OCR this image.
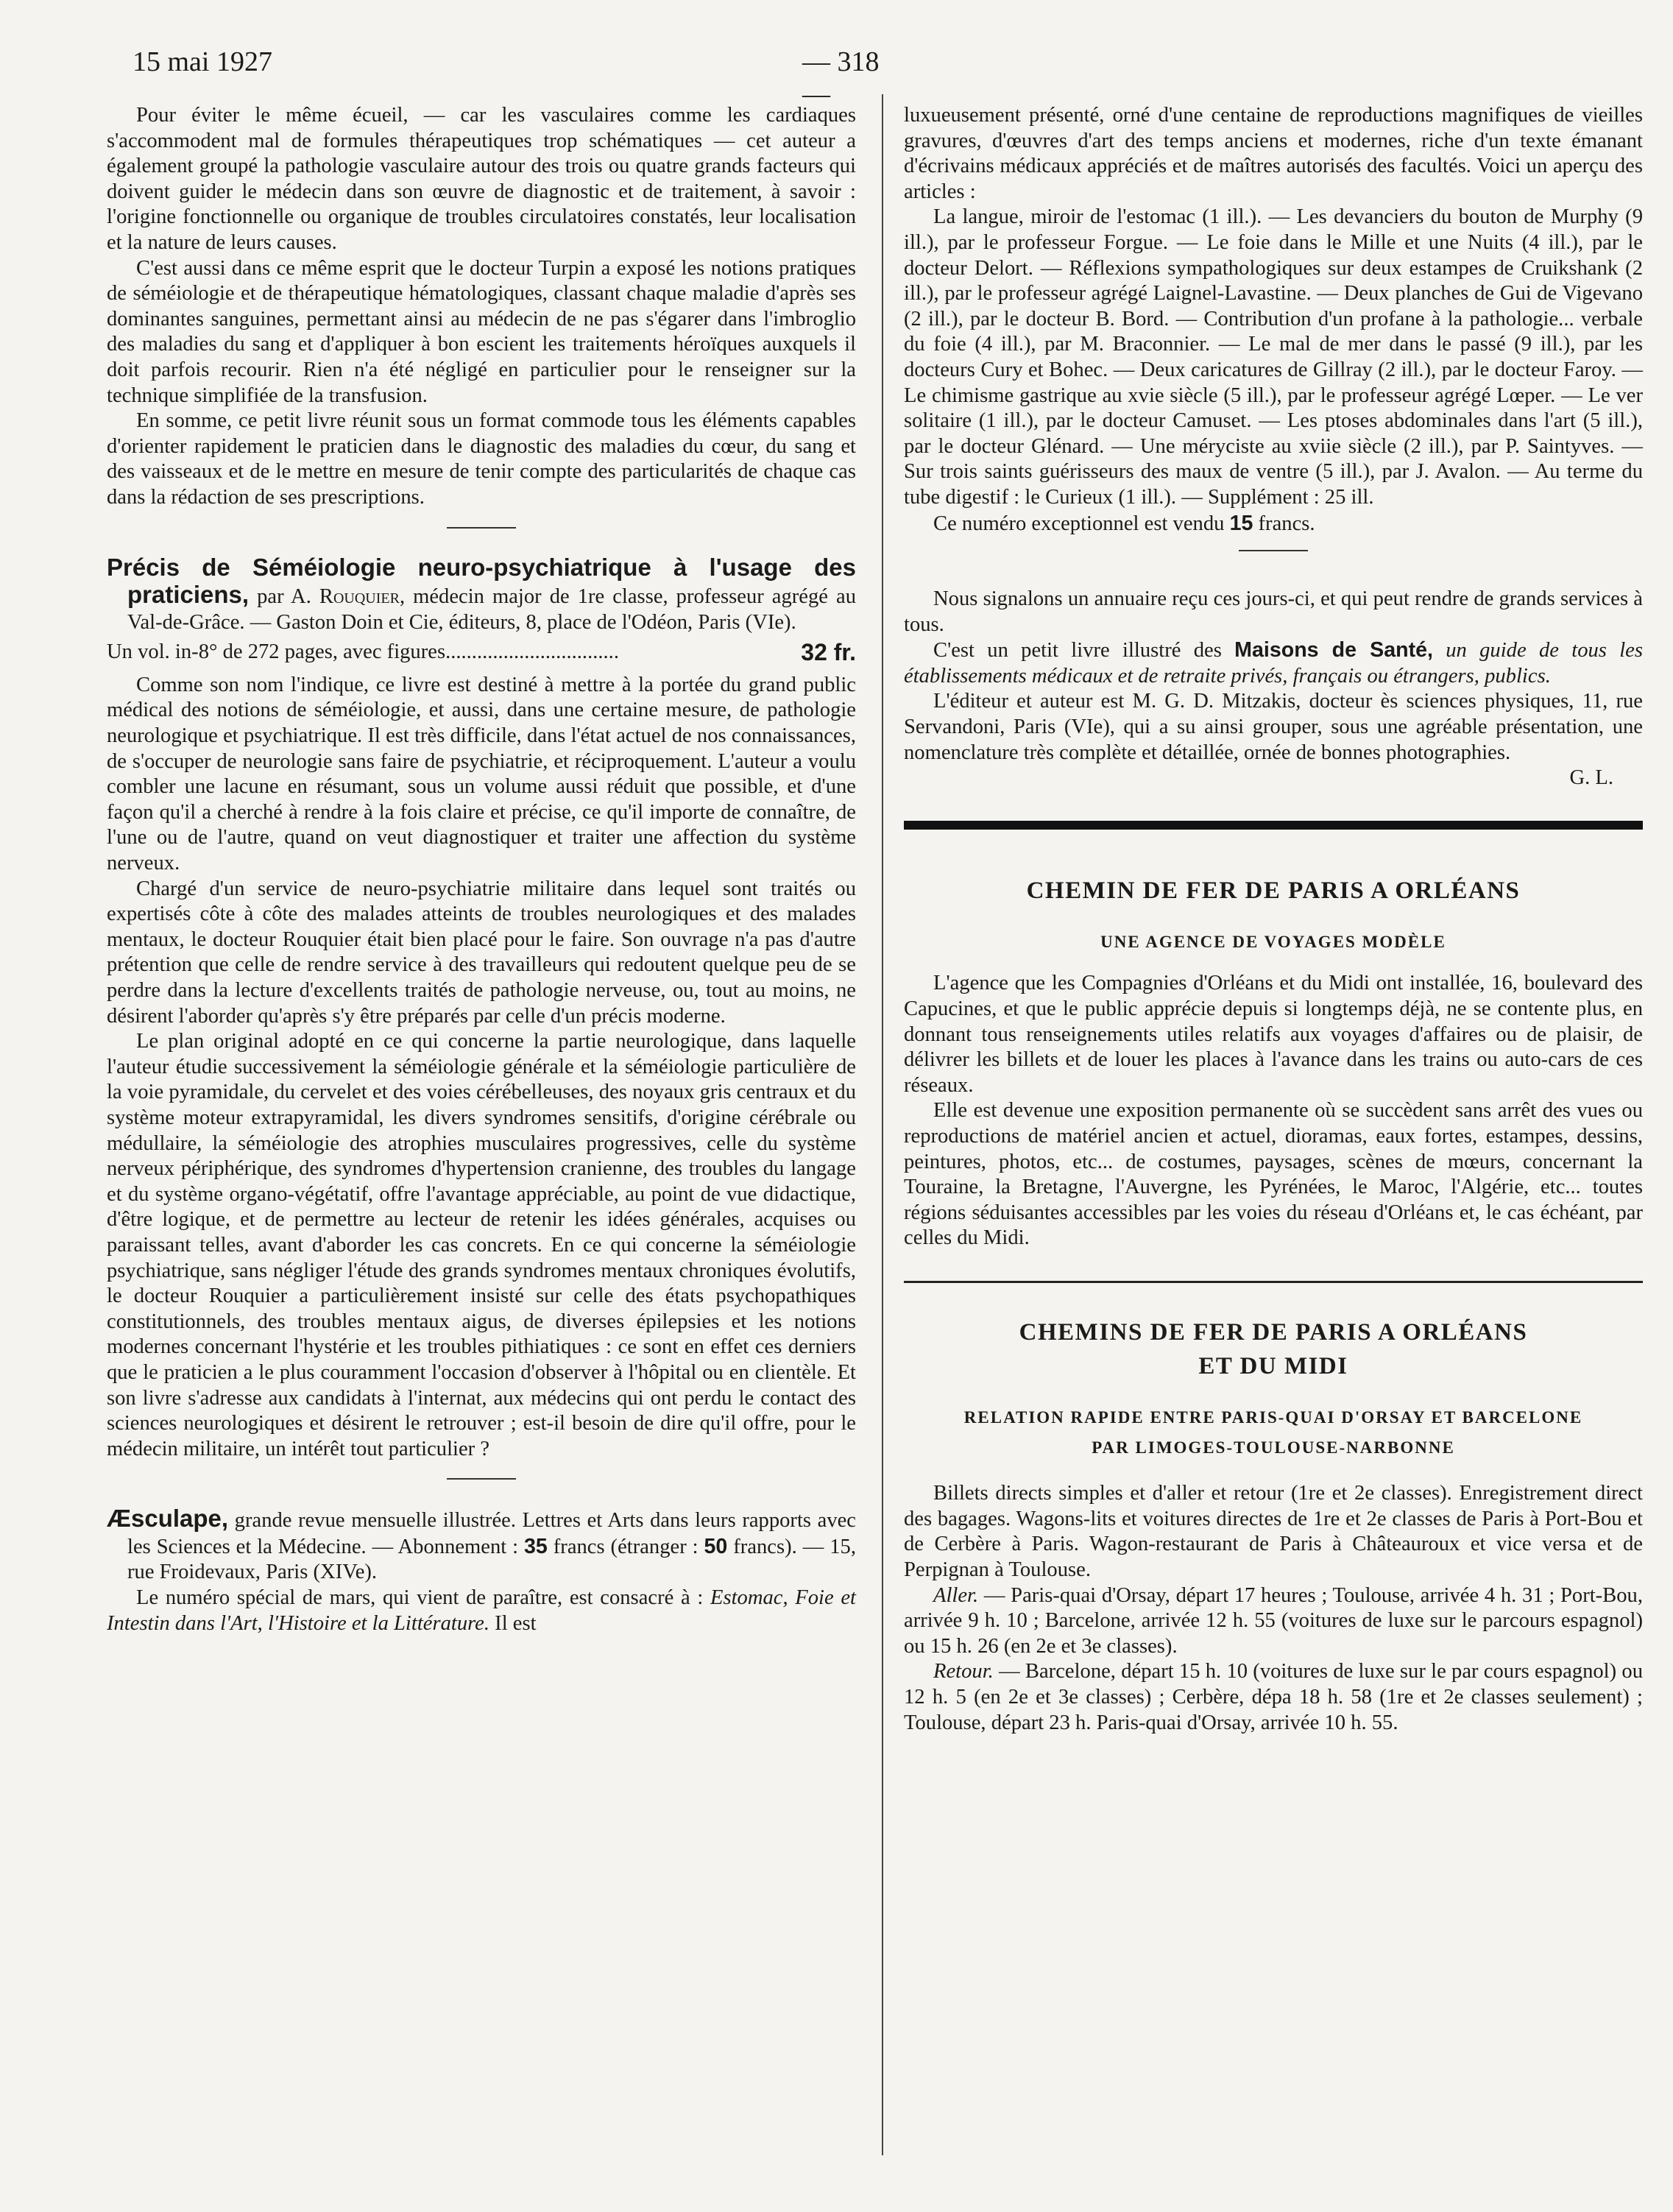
15 mai 1927	— 318 —

Pour éviter le même écueil, — car les vasculaires comme les cardiaques s'accommodent mal de formules thérapeutiques trop schématiques — cet auteur a également groupé la pathologie vasculaire autour des trois ou quatre grands facteurs qui doivent guider le médecin dans son œuvre de diagnostic et de traitement, à savoir : l'origine fonctionnelle ou organique de troubles circulatoires constatés, leur localisation et la nature de leurs causes.

C'est aussi dans ce même esprit que le docteur Turpin a exposé les notions pratiques de séméiologie et de thérapeutique hématologiques, classant chaque maladie d'après ses dominantes sanguines, permettant ainsi au médecin de ne pas s'égarer dans l'imbroglio des maladies du sang et d'appliquer à bon escient les traitements héroïques auxquels il doit parfois recourir. Rien n'a été négligé en particulier pour le renseigner sur la technique simplifiée de la transfusion.

En somme, ce petit livre réunit sous un format commode tous les éléments capables d'orienter rapidement le praticien dans le diagnostic des maladies du cœur, du sang et des vaisseaux et de le mettre en mesure de tenir compte des particularités de chaque cas dans la rédaction de ses prescriptions.

Précis de Séméiologie neuro-psychiatrique à l'usage des praticiens, par A. Rouquier, médecin major de 1re classe, professeur agrégé au Val-de-Grâce. — Gaston Doin et Cie, éditeurs, 8, place de l'Odéon, Paris (VIe).

Un vol. in-8° de 272 pages, avec figures.................................	32 fr.

Comme son nom l'indique, ce livre est destiné à mettre à la portée du grand public médical des notions de séméiologie, et aussi, dans une certaine mesure, de pathologie neurologique et psychiatrique. Il est très difficile, dans l'état actuel de nos connaissances, de s'occuper de neurologie sans faire de psychiatrie, et réciproquement. L'auteur a voulu combler une lacune en résumant, sous un volume aussi réduit que possible, et d'une façon qu'il a cherché à rendre à la fois claire et précise, ce qu'il importe de connaître, de l'une ou de l'autre, quand on veut diagnostiquer et traiter une affection du système nerveux.

Chargé d'un service de neuro-psychiatrie militaire dans lequel sont traités ou expertisés côte à côte des malades atteints de troubles neurologiques et des malades mentaux, le docteur Rouquier était bien placé pour le faire. Son ouvrage n'a pas d'autre prétention que celle de rendre service à des travailleurs qui redoutent quelque peu de se perdre dans la lecture d'excellents traités de pathologie nerveuse, ou, tout au moins, ne désirent l'aborder qu'après s'y être préparés par celle d'un précis moderne.

Le plan original adopté en ce qui concerne la partie neurologique, dans laquelle l'auteur étudie successivement la séméiologie générale et la séméiologie particulière de la voie pyramidale, du cervelet et des voies cérébelleuses, des noyaux gris centraux et du système moteur extrapyramidal, les divers syndromes sensitifs, d'origine cérébrale ou médullaire, la séméiologie des atrophies musculaires progressives, celle du système nerveux périphérique, des syndromes d'hypertension cranienne, des troubles du langage et du système organo-végétatif, offre l'avantage appréciable, au point de vue didactique, d'être logique, et de permettre au lecteur de retenir les idées générales, acquises ou paraissant telles, avant d'aborder les cas concrets. En ce qui concerne la séméiologie psychiatrique, sans négliger l'étude des grands syndromes mentaux chroniques évolutifs, le docteur Rouquier a particulièrement insisté sur celle des états psychopathiques constitutionnels, des troubles mentaux aigus, de diverses épilepsies et les notions modernes concernant l'hystérie et les troubles pithiatiques : ce sont en effet ces derniers que le praticien a le plus couramment l'occasion d'observer à l'hôpital ou en clientèle. Et son livre s'adresse aux candidats à l'internat, aux médecins qui ont perdu le contact des sciences neurologiques et désirent le retrouver ; est-il besoin de dire qu'il offre, pour le médecin militaire, un intérêt tout particulier ?

Æsculape, grande revue mensuelle illustrée. Lettres et Arts dans leurs rapports avec les Sciences et la Médecine. — Abonnement : 35 francs (étranger : 50 francs). — 15, rue Froidevaux, Paris (XIVe).

Le numéro spécial de mars, qui vient de paraître, est consacré à : Estomac, Foie et Intestin dans l'Art, l'Histoire et la Littérature. Il est

luxueusement présenté, orné d'une centaine de reproductions magnifiques de vieilles gravures, d'œuvres d'art des temps anciens et modernes, riche d'un texte émanant d'écrivains médicaux appréciés et de maîtres autorisés des facultés. Voici un aperçu des articles :

La langue, miroir de l'estomac (1 ill.). — Les devanciers du bouton de Murphy (9 ill.), par le professeur Forgue. — Le foie dans le Mille et une Nuits (4 ill.), par le docteur Delort. — Réflexions sympathologiques sur deux estampes de Cruikshank (2 ill.), par le professeur agrégé Laignel-Lavastine. — Deux planches de Gui de Vigevano (2 ill.), par le docteur B. Bord. — Contribution d'un profane à la pathologie... verbale du foie (4 ill.), par M. Braconnier. — Le mal de mer dans le passé (9 ill.), par les docteurs Cury et Bohec. — Deux caricatures de Gillray (2 ill.), par le docteur Faroy. — Le chimisme gastrique au xvie siècle (5 ill.), par le professeur agrégé Lœper. — Le ver solitaire (1 ill.), par le docteur Camuset. — Les ptoses abdominales dans l'art (5 ill.), par le docteur Glénard. — Une méryciste au xviie siècle (2 ill.), par P. Saintyves. — Sur trois saints guérisseurs des maux de ventre (5 ill.), par J. Avalon. — Au terme du tube digestif : le Curieux (1 ill.). — Supplément : 25 ill.

Ce numéro exceptionnel est vendu 15 francs.

Nous signalons un annuaire reçu ces jours-ci, et qui peut rendre de grands services à tous.

C'est un petit livre illustré des Maisons de Santé, un guide de tous les établissements médicaux et de retraite privés, français ou étrangers, publics.

L'éditeur et auteur est M. G. D. Mitzakis, docteur ès sciences physiques, 11, rue Servandoni, Paris (VIe), qui a su ainsi grouper, sous une agréable présentation, une nomenclature très complète et détaillée, ornée de bonnes photographies.

G. L.
CHEMIN DE FER DE PARIS A ORLÉANS
UNE AGENCE DE VOYAGES MODÈLE

L'agence que les Compagnies d'Orléans et du Midi ont installée, 16, boulevard des Capucines, et que le public apprécie depuis si longtemps déjà, ne se contente plus, en donnant tous renseignements utiles relatifs aux voyages d'affaires ou de plaisir, de délivrer les billets et de louer les places à l'avance dans les trains ou auto-cars de ces réseaux.

Elle est devenue une exposition permanente où se succèdent sans arrêt des vues ou reproductions de matériel ancien et actuel, dioramas, eaux fortes, estampes, dessins, peintures, photos, etc... de costumes, paysages, scènes de mœurs, concernant la Touraine, la Bretagne, l'Auvergne, les Pyrénées, le Maroc, l'Algérie, etc... toutes régions séduisantes accessibles par les voies du réseau d'Orléans et, le cas échéant, par celles du Midi.

CHEMINS DE FER DE PARIS A ORLÉANS
ET DU MIDI
RELATION RAPIDE ENTRE PARIS-QUAI D'ORSAY ET BARCELONE
PAR LIMOGES-TOULOUSE-NARBONNE

Billets directs simples et d'aller et retour (1re et 2e classes). Enregistrement direct des bagages. Wagons-lits et voitures directes de 1re et 2e classes de Paris à Port-Bou et de Cerbère à Paris. Wagon-restaurant de Paris à Châteauroux et vice versa et de Perpignan à Toulouse.

Aller. — Paris-quai d'Orsay, départ 17 heures ; Toulouse, arrivée 4 h. 31 ; Port-Bou, arrivée 9 h. 10 ; Barcelone, arrivée 12 h. 55 (voitures de luxe sur le parcours espagnol) ou 15 h. 26 (en 2e et 3e classes).

Retour. — Barcelone, départ 15 h. 10 (voitures de luxe sur le par cours espagnol) ou 12 h. 5 (en 2e et 3e classes) ; Cerbère, dépa 18 h. 58 (1re et 2e classes seulement) ; Toulouse, départ 23 h. Paris-quai d'Orsay, arrivée 10 h. 55.
